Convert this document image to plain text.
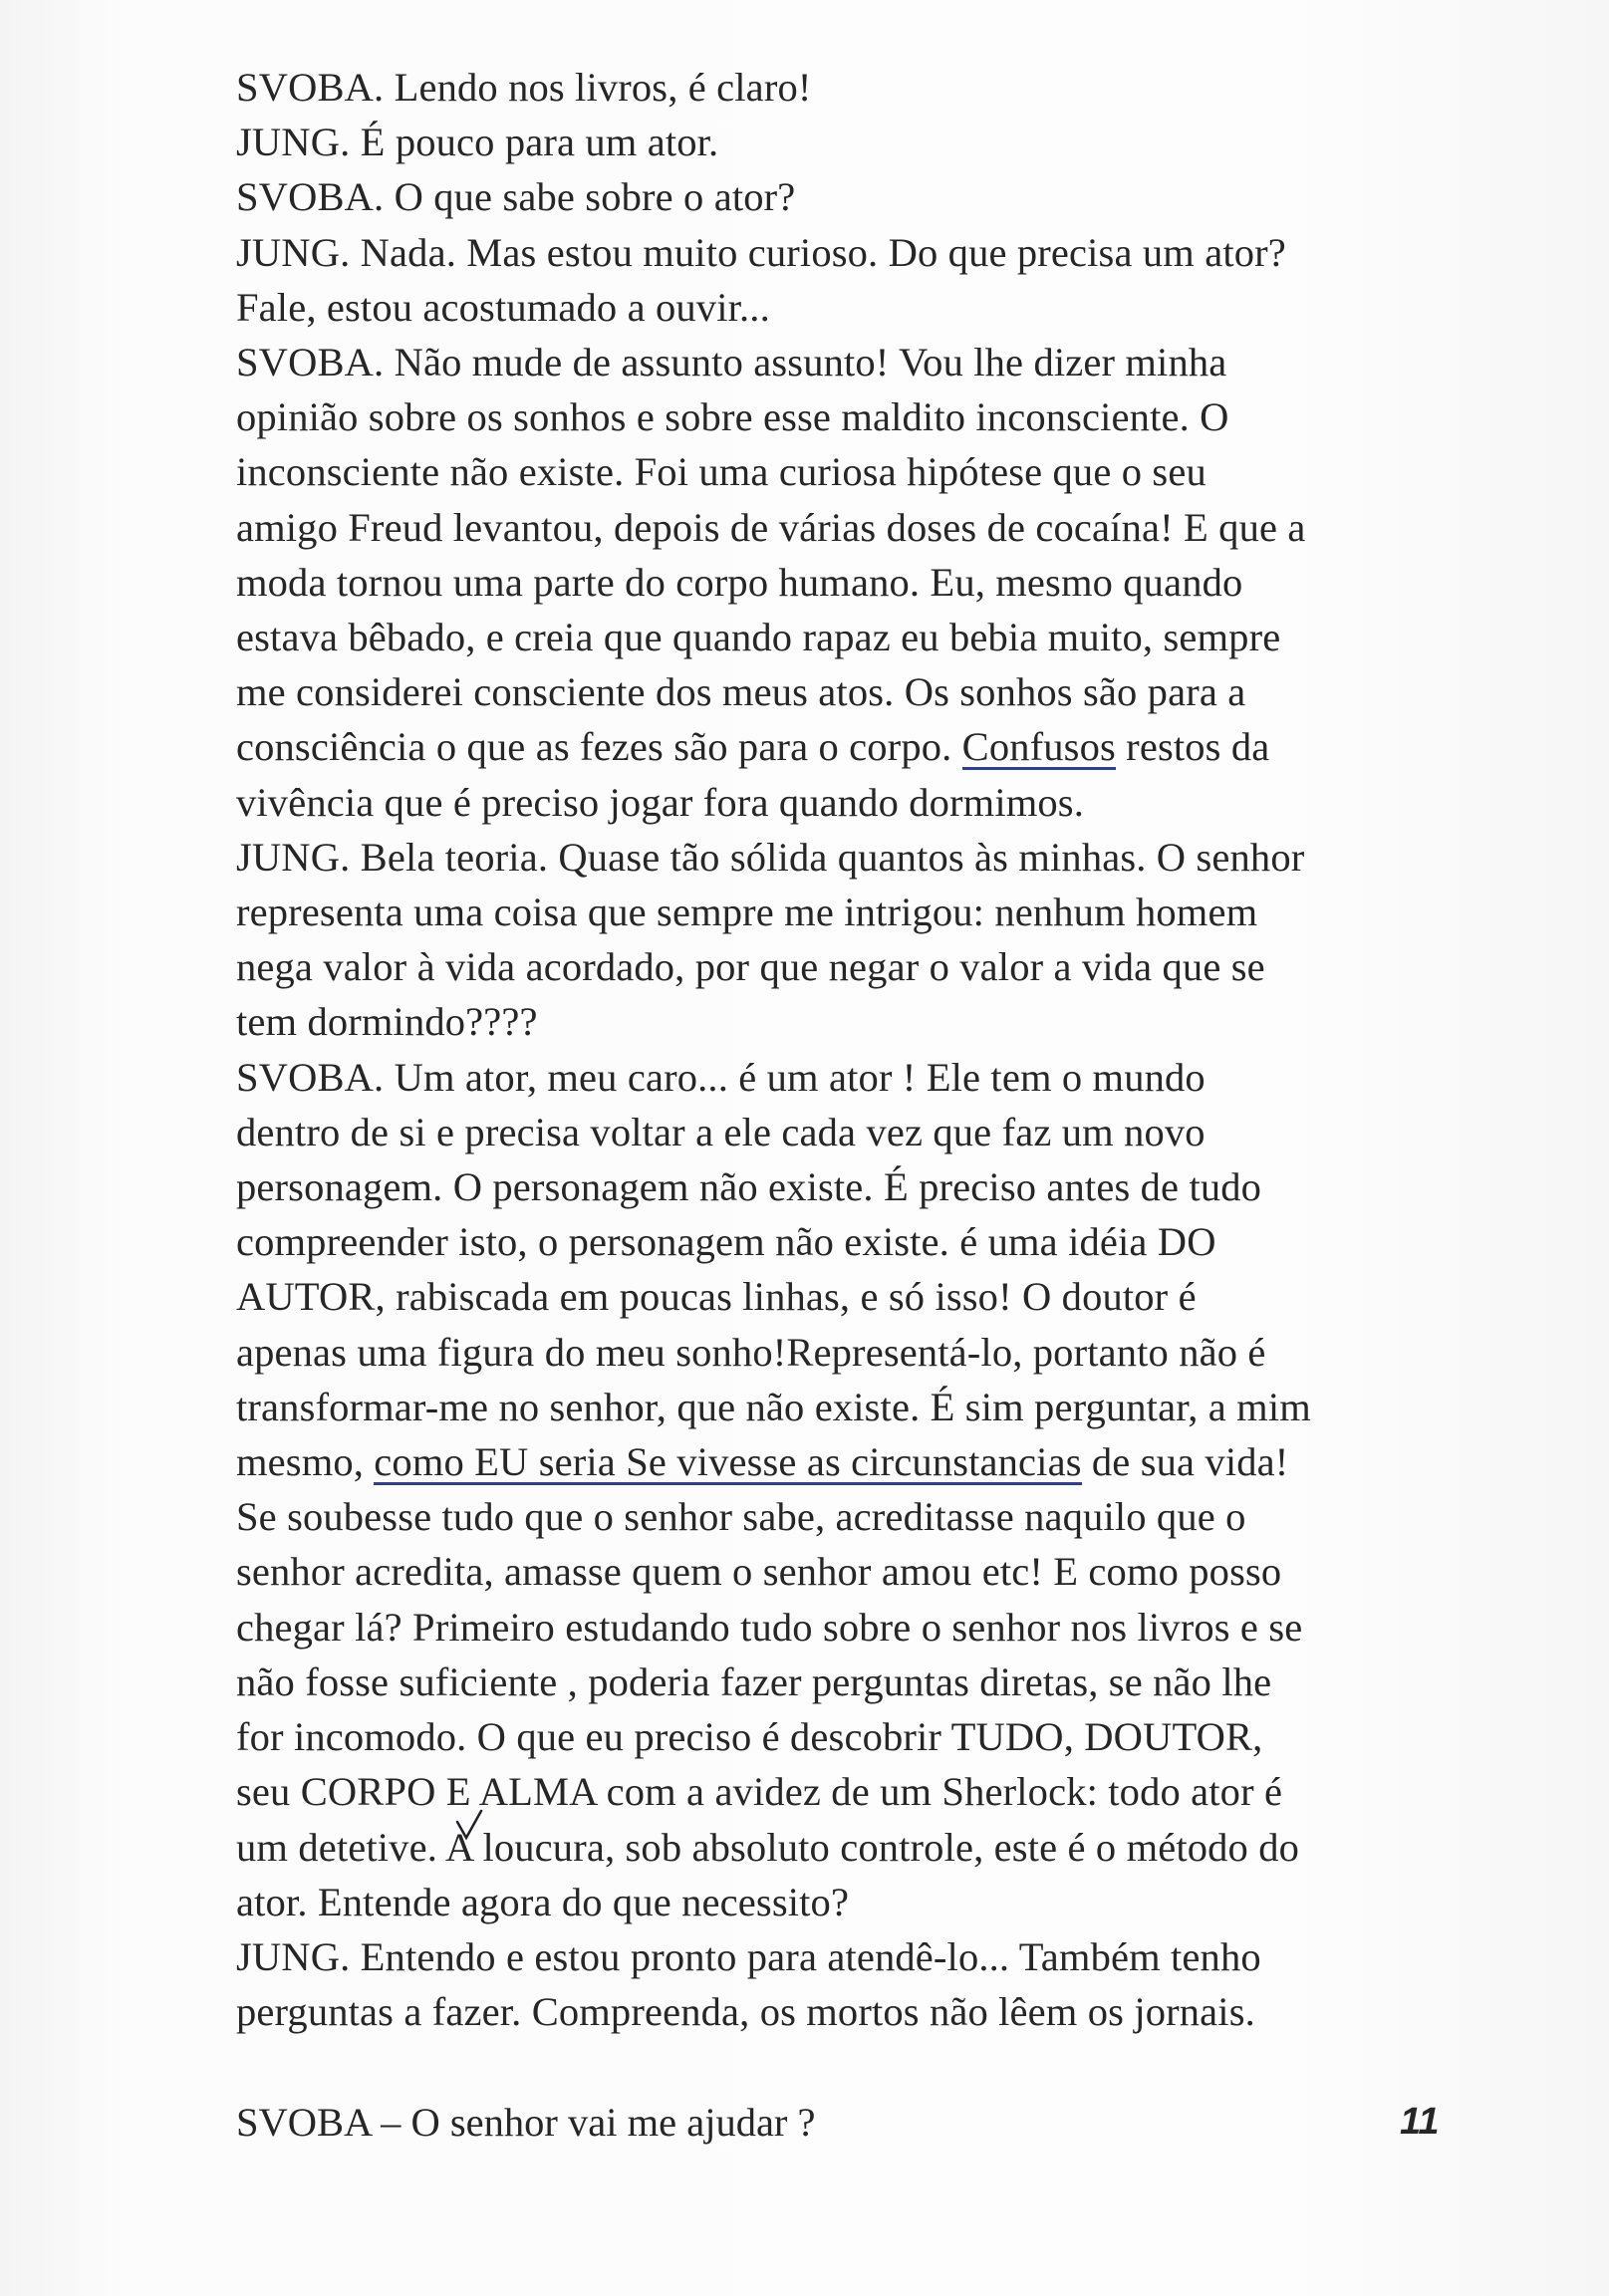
SVOBA. Lendo nos livros, é claro!
JUNG. É pouco para um ator.
SVOBA. O que sabe sobre o ator?
JUNG. Nada. Mas estou muito curioso. Do que precisa um ator?
Fale, estou acostumado a ouvir...
SVOBA. Não mude de assunto assunto! Vou lhe dizer minha
opinião sobre os sonhos e sobre esse maldito inconsciente. O
inconsciente não existe. Foi uma curiosa hipótese que o seu
amigo Freud levantou, depois de várias doses de cocaína! E que a
moda tornou uma parte do corpo humano. Eu, mesmo quando
estava bêbado, e creia que quando rapaz eu bebia muito, sempre
me considerei consciente dos meus atos. Os sonhos são para a
consciência o que as fezes são para o corpo. Confusos restos da
vivência que é preciso jogar fora quando dormimos.
JUNG. Bela teoria. Quase tão sólida quantos às minhas. O senhor
representa uma coisa que sempre me intrigou: nenhum homem
nega valor à vida acordado, por que negar o valor a vida que se
tem dormindo????
SVOBA. Um ator, meu caro... é um ator ! Ele tem o mundo
dentro de si e precisa voltar a ele cada vez que faz um novo
personagem. O personagem não existe. É preciso antes de tudo
compreender isto, o personagem não existe. é uma idéia DO
AUTOR, rabiscada em poucas linhas, e só isso! O doutor é
apenas uma figura do meu sonho!Representá-lo, portanto não é
transformar-me no senhor, que não existe. É sim perguntar, a mim
mesmo, como EU seria Se vivesse as circunstancias de sua vida!
Se soubesse tudo que o senhor sabe, acreditasse naquilo que o
senhor acredita, amasse quem o senhor amou etc! E como posso
chegar lá? Primeiro estudando tudo sobre o senhor nos livros e se
não fosse suficiente , poderia fazer perguntas diretas, se não lhe
for incomodo. O que eu preciso é descobrir TUDO, DOUTOR,
seu CORPO E ALMA com a avidez de um Sherlock: todo ator é
um detetive. A loucura, sob absoluto controle, este é o método do
ator. Entende agora do que necessito?
JUNG. Entendo e estou pronto para atendê-lo... Também tenho
perguntas a fazer. Compreenda, os mortos não lêem os jornais.
SVOBA – O senhor vai me ajudar ?	11
